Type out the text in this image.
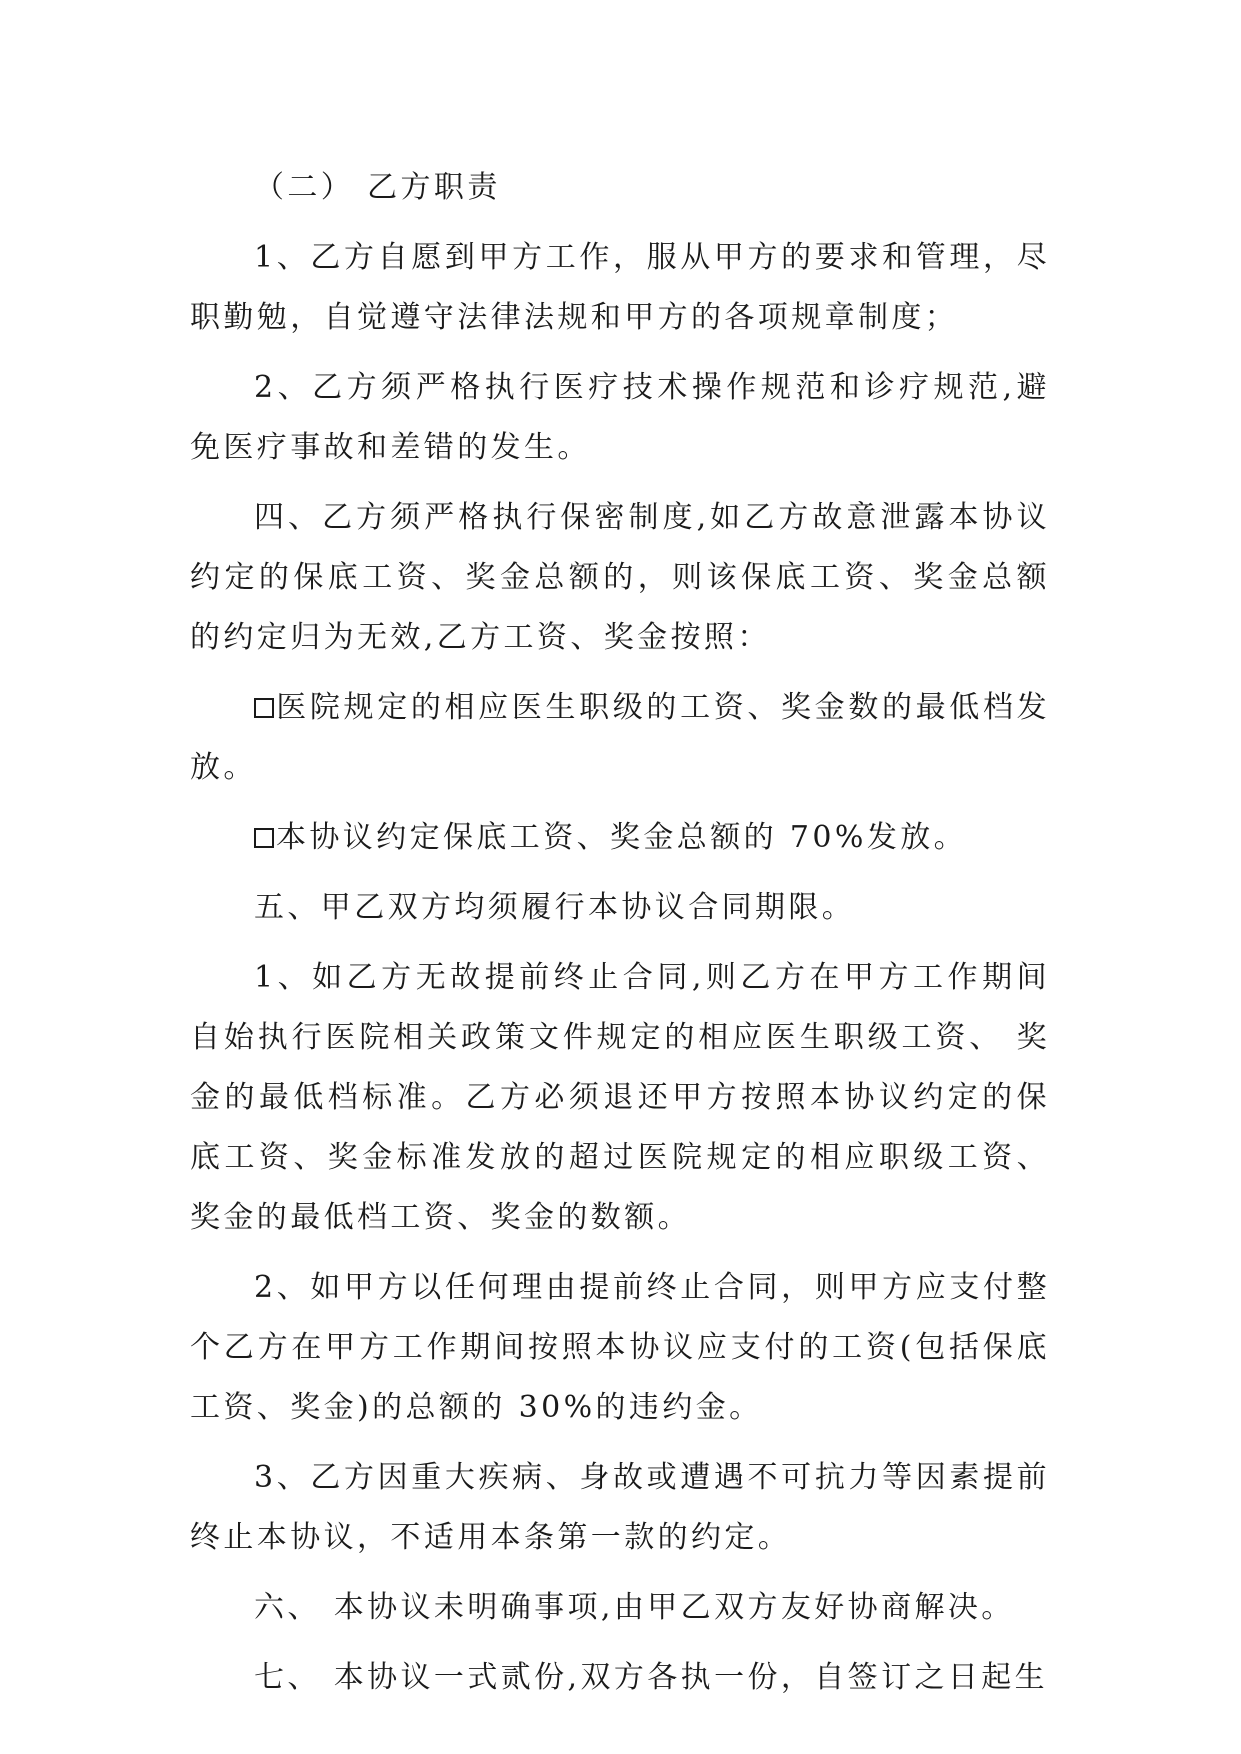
（二） 乙方职责

1、乙方自愿到甲方工作，服从甲方的要求和管理，尽职勤勉，自觉遵守法律法规和甲方的各项规章制度；

2、乙方须严格执行医疗技术操作规范和诊疗规范,避免医疗事故和差错的发生。

四、乙方须严格执行保密制度,如乙方故意泄露本协议约定的保底工资、奖金总额的，则该保底工资、奖金总额的约定归为无效,乙方工资、奖金按照：

医院规定的相应医生职级的工资、奖金数的最低档发放。

本协议约定保底工资、奖金总额的 70%发放。

五、甲乙双方均须履行本协议合同期限。

1、如乙方无故提前终止合同,则乙方在甲方工作期间自始执行医院相关政策文件规定的相应医生职级工资、 奖金的最低档标准。乙方必须退还甲方按照本协议约定的保底工资、奖金标准发放的超过医院规定的相应职级工资、奖金的最低档工资、奖金的数额。

2、如甲方以任何理由提前终止合同，则甲方应支付整个乙方在甲方工作期间按照本协议应支付的工资(包括保底工资、奖金)的总额的 30%的违约金。

3、乙方因重大疾病、身故或遭遇不可抗力等因素提前终止本协议，不适用本条第一款的约定。

六、 本协议未明确事项,由甲乙双方友好协商解决。

七、 本协议一式贰份,双方各执一份，自签订之日起生
